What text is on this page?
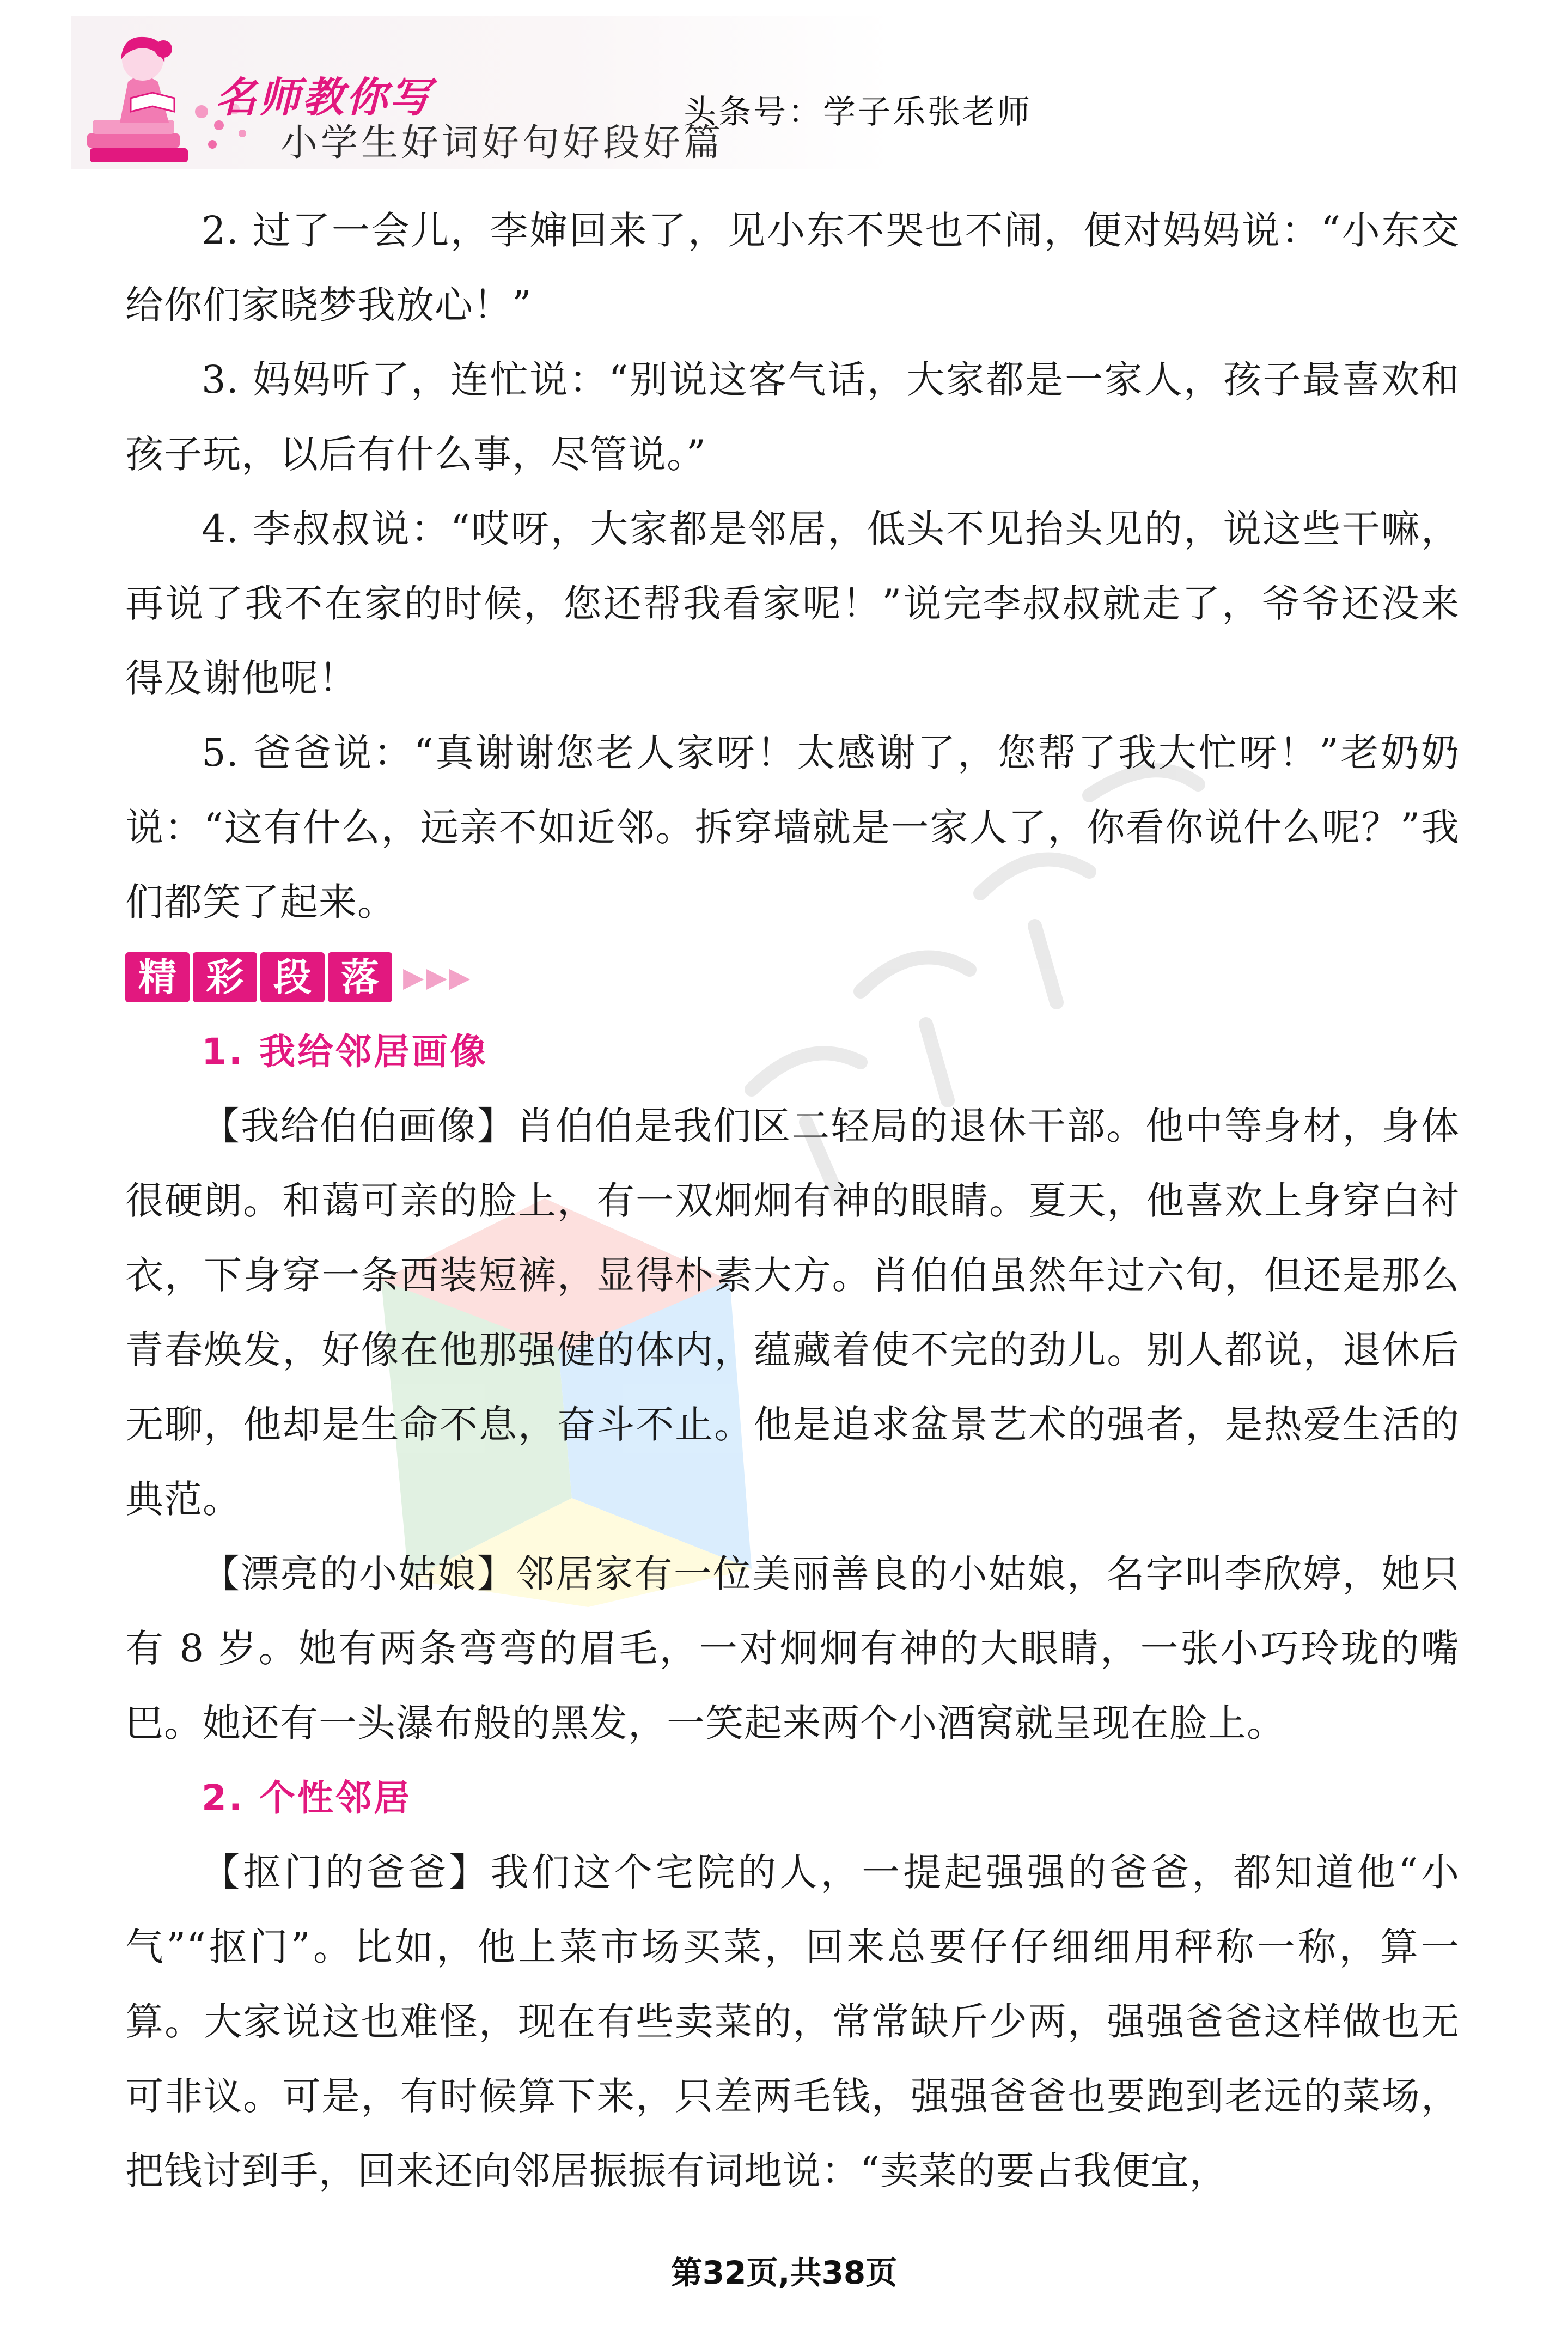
名师教你写
小学生好词好句好段好篇
头条号：学子乐张老师

2. 过了一会儿，李婶回来了，见小东不哭也不闹，便对妈妈说：“小东交给你们家晓梦我放心！”

3. 妈妈听了，连忙说：“别说这客气话，大家都是一家人，孩子最喜欢和孩子玩，以后有什么事，尽管说。”

4. 李叔叔说：“哎呀，大家都是邻居，低头不见抬头见的，说这些干嘛，再说了我不在家的时候，您还帮我看家呢！”说完李叔叔就走了，爷爷还没来得及谢他呢！

5. 爸爸说：“真谢谢您老人家呀！太感谢了，您帮了我大忙呀！”老奶奶说：“这有什么，远亲不如近邻。拆穿墙就是一家人了，你看你说什么呢？”我们都笑了起来。

精 彩 段 落 ▶▶▶
1. 我给邻居画像

【我给伯伯画像】肖伯伯是我们区二轻局的退休干部。他中等身材，身体很硬朗。和蔼可亲的脸上，有一双炯炯有神的眼睛。夏天，他喜欢上身穿白衬衣，下身穿一条西装短裤，显得朴素大方。肖伯伯虽然年过六旬，但还是那么青春焕发，好像在他那强健的体内，蕴藏着使不完的劲儿。别人都说，退休后无聊，他却是生命不息，奋斗不止。他是追求盆景艺术的强者，是热爱生活的典范。

【漂亮的小姑娘】邻居家有一位美丽善良的小姑娘，名字叫李欣婷，她只有 8 岁。她有两条弯弯的眉毛，一对炯炯有神的大眼睛，一张小巧玲珑的嘴巴。她还有一头瀑布般的黑发，一笑起来两个小酒窝就呈现在脸上。

2. 个性邻居

【抠门的爸爸】我们这个宅院的人，一提起强强的爸爸，都知道他“小气”“抠门”。比如，他上菜市场买菜，回来总要仔仔细细用秤称一称，算一算。大家说这也难怪，现在有些卖菜的，常常缺斤少两，强强爸爸这样做也无可非议。可是，有时候算下来，只差两毛钱，强强爸爸也要跑到老远的菜场，把钱讨到手，回来还向邻居振振有词地说：“卖菜的要占我便宜，

第32页,共38页
